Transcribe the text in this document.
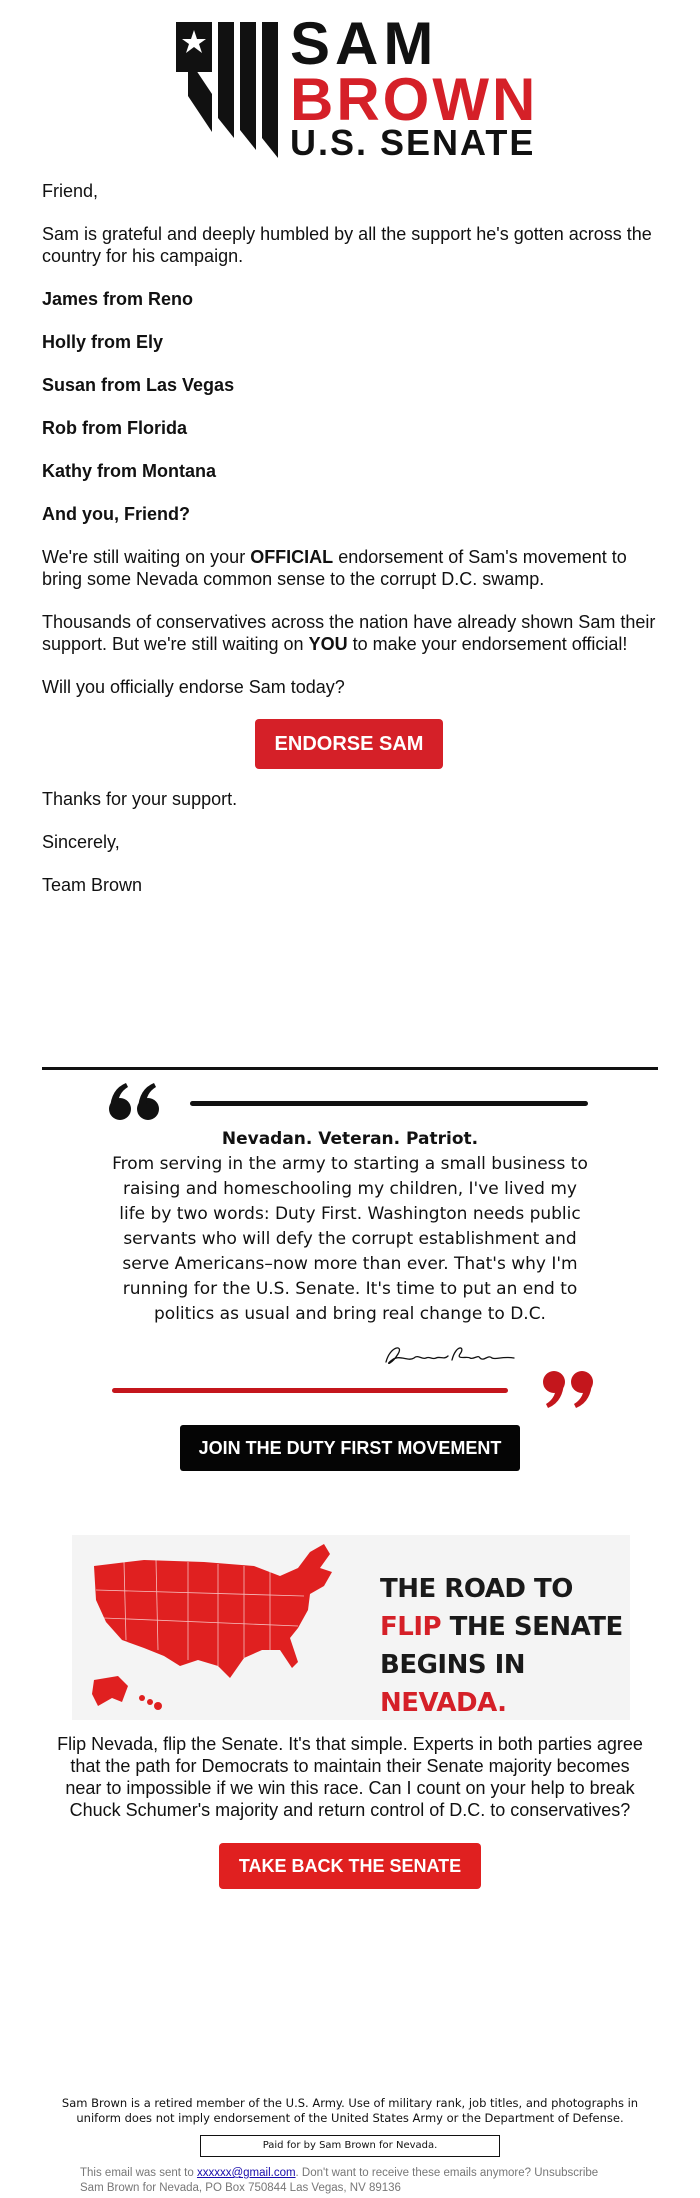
SAM
BROWN
U.S. SENATE

Friend,

Sam is grateful and deeply humbled by all the support he's gotten across the country for his campaign.

James from Reno

Holly from Ely

Susan from Las Vegas

Rob from Florida

Kathy from Montana

And you, Friend?

We're still waiting on your OFFICIAL endorsement of Sam's movement to bring some Nevada common sense to the corrupt D.C. swamp.

Thousands of conservatives across the nation have already shown Sam their support. But we're still waiting on YOU to make your endorsement official!

Will you officially endorse Sam today?

ENDORSE SAM

Thanks for your support.

Sincerely,

Team Brown

Nevadan. Veteran. Patriot.
From serving in the army to starting a small business to raising and homeschooling my children, I've lived my life by two words: Duty First. Washington needs public servants who will defy the corrupt establishment and serve Americans–now more than ever. That's why I'm running for the U.S. Senate. It's time to put an end to politics as usual and bring real change to D.C.
JOIN THE DUTY FIRST MOVEMENT
THE ROAD TO
FLIP THE SENATE
BEGINS IN NEVADA.

Flip Nevada, flip the Senate. It's that simple. Experts in both parties agree that the path for Democrats to maintain their Senate majority becomes near to impossible if we win this race. Can I count on your help to break Chuck Schumer's majority and return control of D.C. to conservatives?

TAKE BACK THE SENATE
Sam Brown is a retired member of the U.S. Army. Use of military rank, job titles, and photographs in uniform does not imply endorsement of the United States Army or the Department of Defense.
Paid for by Sam Brown for Nevada.
This email was sent to xxxxxx@gmail.com. Don't want to receive these emails anymore? Unsubscribe
Sam Brown for Nevada, PO Box 750844 Las Vegas, NV 89136
